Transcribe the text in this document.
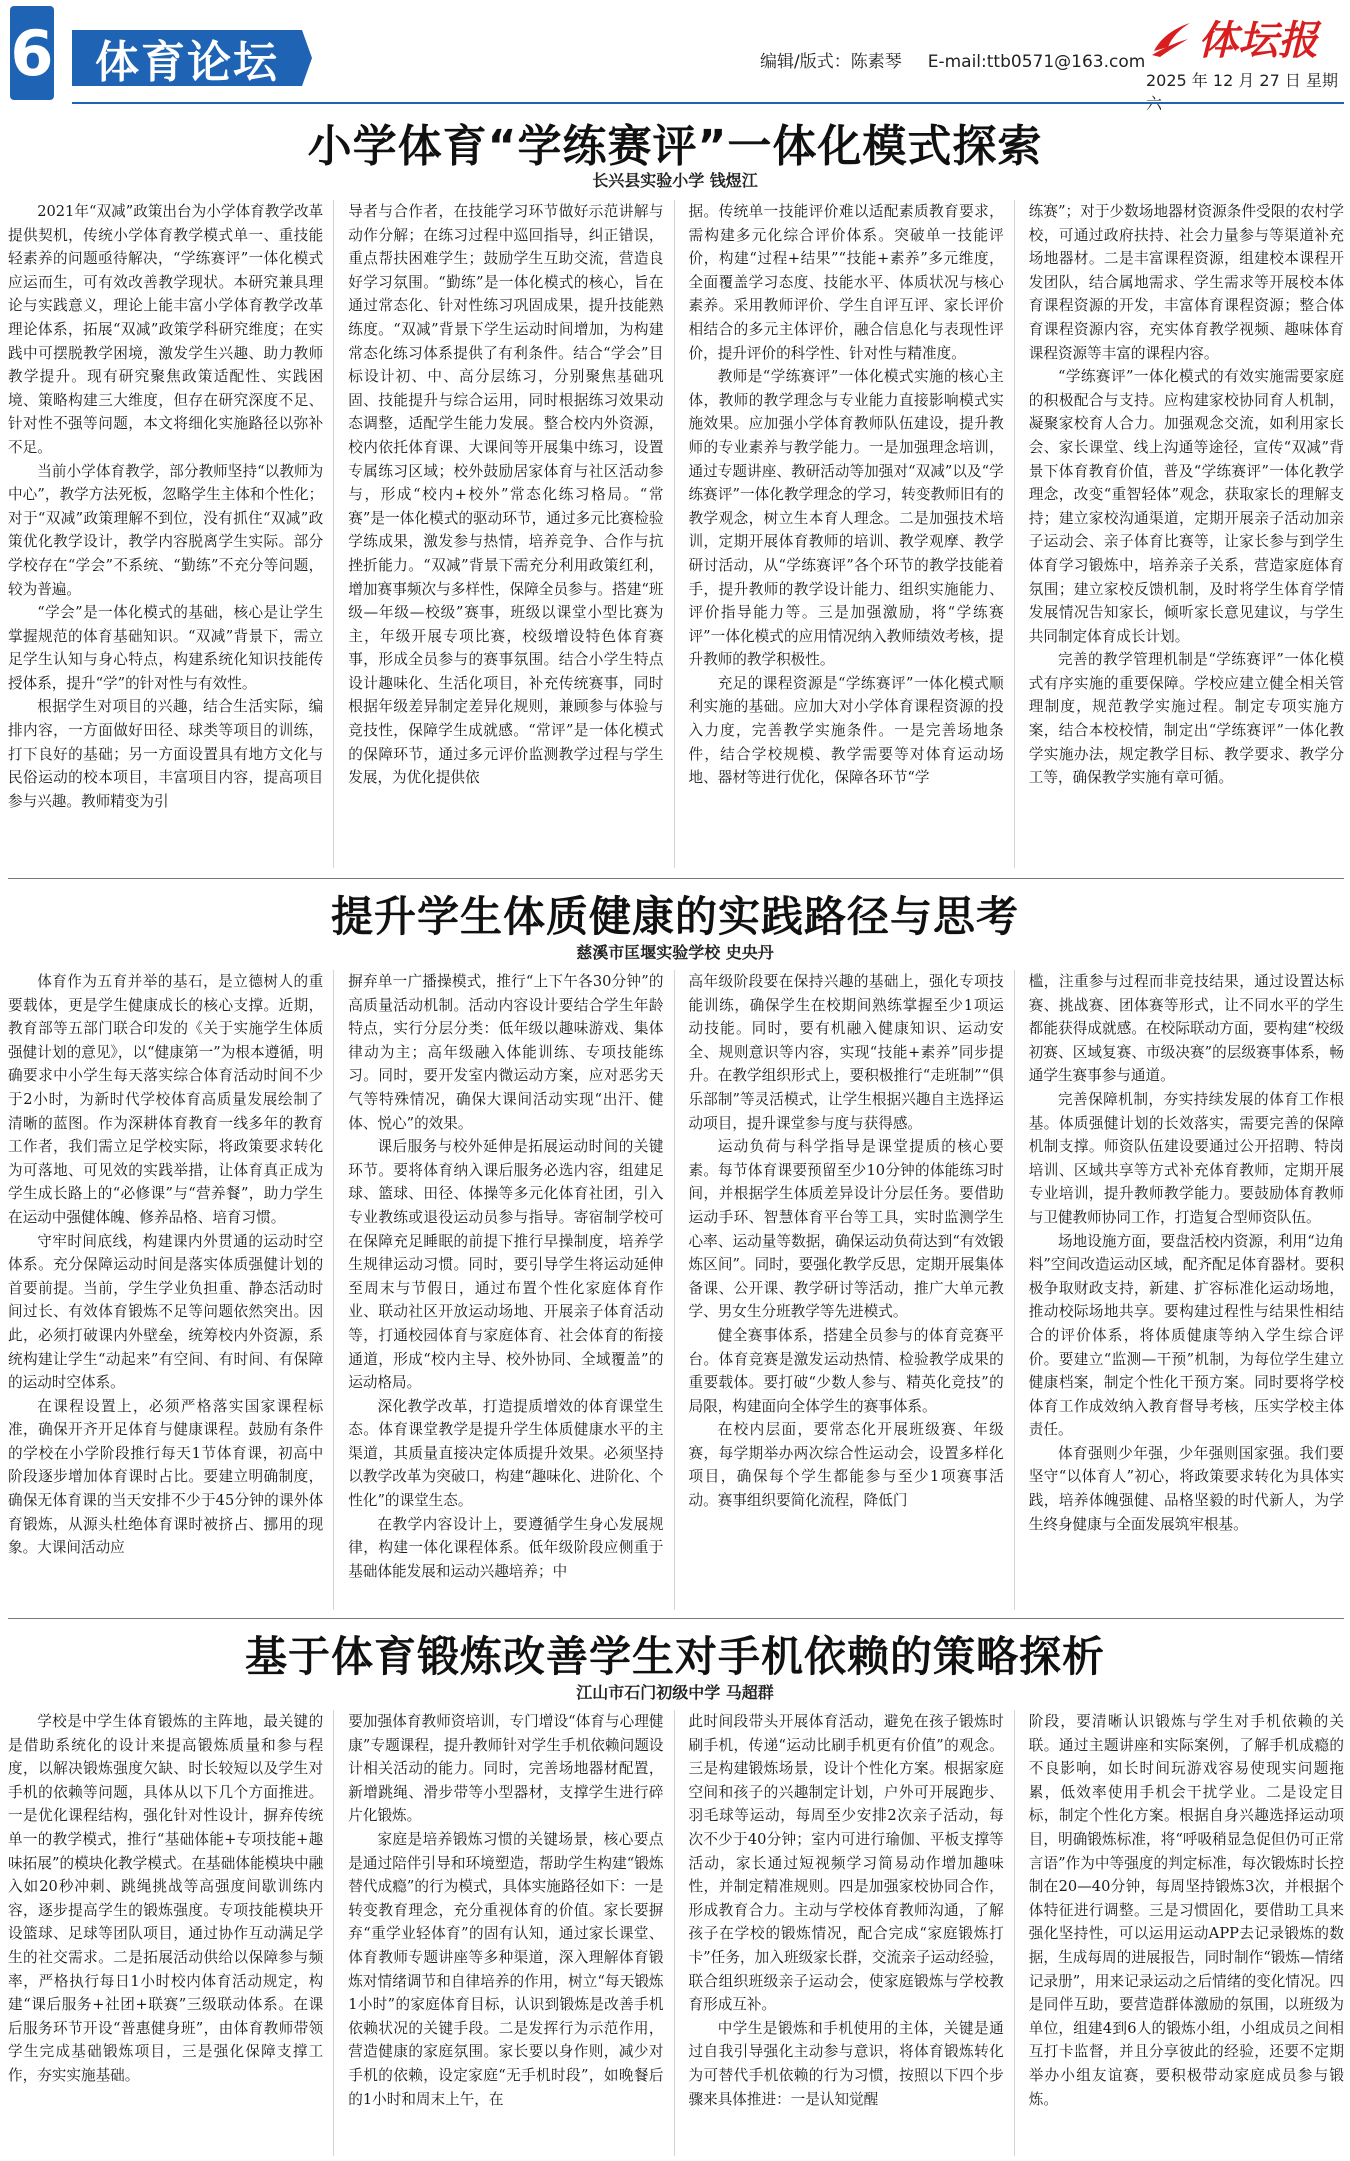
6 体育论坛	编辑/版式：陈素琴 E-mail:ttb0571@163.com 体坛报
2025 年 12 月 27 日 星期
小学体育“学练赛评”一体化模式探索
长兴县实验小学 钱煜江

2021年“双减”政策出台为小学体育教学改革提供契机，传统小学体育教学模式单一、重技能轻素养的问题亟待解决，“学练赛评”一体化模式应运而生，可有效改善教学现状。本研究兼具理论与实践意义，理论上能丰富小学体育教学改革理论体系，拓展“双减”政策学科研究维度；在实践中可摆脱教学困境，激发学生兴趣、助力教师教学提升。现有研究聚焦政策适配性、实践困境、策略构建三大维度，但存在研究深度不足、针对性不强等问题，本文将细化实施路径以弥补不足。

当前小学体育教学，部分教师坚持“以教师为中心”，教学方法死板，忽略学生主体和个性化；对于“双减”政策理解不到位，没有抓住“双减”政策优化教学设计，教学内容脱离学生实际。部分学校存在“学会”不系统、“勤练”不充分等问题，较为普遍。

“学会”是一体化模式的基础，核心是让学生掌握规范的体育基础知识。“双减”背景下，需立足学生认知与身心特点，构建系统化知识技能传授体系，提升“学”的针对性与有效性。

根据学生对项目的兴趣，结合生活实际，编排内容，一方面做好田径、球类等项目的训练，打下良好的基础；另一方面设置具有地方文化与民俗运动的校本项目，丰富项目内容，提高项目参与兴趣。教师精变为引

导者与合作者，在技能学习环节做好示范讲解与动作分解；在练习过程中巡回指导，纠正错误，重点帮扶困难学生；鼓励学生互助交流，营造良好学习氛围。“勤练”是一体化模式的核心，旨在通过常态化、针对性练习巩固成果，提升技能熟练度。“双减”背景下学生运动时间增加，为构建常态化练习体系提供了有利条件。结合“学会”目标设计初、中、高分层练习，分别聚焦基础巩固、技能提升与综合运用，同时根据练习效果动态调整，适配学生能力发展。整合校内外资源，校内依托体育课、大课间等开展集中练习，设置专属练习区域；校外鼓励居家体育与社区活动参与，形成“校内+校外”常态化练习格局。“常赛”是一体化模式的驱动环节，通过多元比赛检验学练成果，激发参与热情，培养竞争、合作与抗挫折能力。“双减”背景下需充分利用政策红利，增加赛事频次与多样性，保障全员参与。搭建“班级—年级—校级”赛事，班级以课堂小型比赛为主，年级开展专项比赛，校级增设特色体育赛事，形成全员参与的赛事氛围。结合小学生特点设计趣味化、生活化项目，补充传统赛事，同时根据年级差异制定差异化规则，兼顾参与体验与竞技性，保障学生成就感。“常评”是一体化模式的保障环节，通过多元评价监测教学过程与学生发展，为优化提供依

据。传统单一技能评价难以适配素质教育要求，需构建多元化综合评价体系。突破单一技能评价，构建“过程+结果”“技能+素养”多元维度，全面覆盖学习态度、技能水平、体质状况与核心素养。采用教师评价、学生自评互评、家长评价相结合的多元主体评价，融合信息化与表现性评价，提升评价的科学性、针对性与精准度。

教师是“学练赛评”一体化模式实施的核心主体，教师的教学理念与专业能力直接影响模式实施效果。应加强小学体育教师队伍建设，提升教师的专业素养与教学能力。一是加强理念培训，通过专题讲座、教研活动等加强对“双减”以及“学练赛评”一体化教学理念的学习，转变教师旧有的教学观念，树立生本育人理念。二是加强技术培训，定期开展体育教师的培训、教学观摩、教学研讨活动，从“学练赛评”各个环节的教学技能着手，提升教师的教学设计能力、组织实施能力、评价指导能力等。三是加强激励，将“学练赛评”一体化模式的应用情况纳入教师绩效考核，提升教师的教学积极性。

充足的课程资源是“学练赛评”一体化模式顺利实施的基础。应加大对小学体育课程资源的投入力度，完善教学实施条件。一是完善场地条件，结合学校规模、教学需要等对体育运动场地、器材等进行优化，保障各环节“学

练赛”；对于少数场地器材资源条件受限的农村学校，可通过政府扶持、社会力量参与等渠道补充场地器材。二是丰富课程资源，组建校本课程开发团队，结合属地需求、学生需求等开展校本体育课程资源的开发，丰富体育课程资源；整合体育课程资源内容，充实体育教学视频、趣味体育课程资源等丰富的课程内容。

“学练赛评”一体化模式的有效实施需要家庭的积极配合与支持。应构建家校协同育人机制，凝聚家校育人合力。加强观念交流，如利用家长会、家长课堂、线上沟通等途径，宣传“双减”背景下体育教育价值，普及“学练赛评”一体化教学理念，改变“重智轻体”观念，获取家长的理解支持；建立家校沟通渠道，定期开展亲子活动加亲子运动会、亲子体育比赛等，让家长参与到学生体育学习锻炼中，培养亲子关系，营造家庭体育氛围；建立家校反馈机制，及时将学生体育学情发展情况告知家长，倾听家长意见建议，与学生共同制定体育成长计划。

完善的教学管理机制是“学练赛评”一体化模式有序实施的重要保障。学校应建立健全相关管理制度，规范教学实施过程。制定专项实施方案，结合本校校情，制定出“学练赛评”一体化教学实施办法，规定教学目标、教学要求、教学分工等，确保教学实施有章可循。

提升学生体质健康的实践路径与思考
慈溪市匡堰实验学校 史央丹

体育作为五育并举的基石，是立德树人的重要载体，更是学生健康成长的核心支撑。近期，教育部等五部门联合印发的《关于实施学生体质强健计划的意见》，以“健康第一”为根本遵循，明确要求中小学生每天落实综合体育活动时间不少于2小时，为新时代学校体育高质量发展绘制了清晰的蓝图。作为深耕体育教育一线多年的教育工作者，我们需立足学校实际，将政策要求转化为可落地、可见效的实践举措，让体育真正成为学生成长路上的“必修课”与“营养餐”，助力学生在运动中强健体魄、修养品格、培育习惯。

守牢时间底线，构建课内外贯通的运动时空体系。充分保障运动时间是落实体质强健计划的首要前提。当前，学生学业负担重、静态活动时间过长、有效体育锻炼不足等问题依然突出。因此，必须打破课内外壁垒，统筹校内外资源，系统构建让学生“动起来”有空间、有时间、有保障的运动时空体系。

在课程设置上，必须严格落实国家课程标准，确保开齐开足体育与健康课程。鼓励有条件的学校在小学阶段推行每天1节体育课，初高中阶段逐步增加体育课时占比。要建立明确制度，确保无体育课的当天安排不少于45分钟的课外体育锻炼，从源头杜绝体育课时被挤占、挪用的现象。大课间活动应

摒弃单一广播操模式，推行“上下午各30分钟”的高质量活动机制。活动内容设计要结合学生年龄特点，实行分层分类：低年级以趣味游戏、集体律动为主；高年级融入体能训练、专项技能练习。同时，要开发室内微运动方案，应对恶劣天气等特殊情况，确保大课间活动实现“出汗、健体、悦心”的效果。

课后服务与校外延伸是拓展运动时间的关键环节。要将体育纳入课后服务必选内容，组建足球、篮球、田径、体操等多元化体育社团，引入专业教练或退役运动员参与指导。寄宿制学校可在保障充足睡眠的前提下推行早操制度，培养学生规律运动习惯。同时，要引导学生将运动延伸至周末与节假日，通过布置个性化家庭体育作业、联动社区开放运动场地、开展亲子体育活动等，打通校园体育与家庭体育、社会体育的衔接通道，形成“校内主导、校外协同、全域覆盖”的运动格局。

深化教学改革，打造提质增效的体育课堂生态。体育课堂教学是提升学生体质健康水平的主渠道，其质量直接决定体质提升效果。必须坚持以教学改革为突破口，构建“趣味化、进阶化、个性化”的课堂生态。

在教学内容设计上，要遵循学生身心发展规律，构建一体化课程体系。低年级阶段应侧重于基础体能发展和运动兴趣培养；中

高年级阶段要在保持兴趣的基础上，强化专项技能训练，确保学生在校期间熟练掌握至少1项运动技能。同时，要有机融入健康知识、运动安全、规则意识等内容，实现“技能+素养”同步提升。在教学组织形式上，要积极推行“走班制”“俱乐部制”等灵活模式，让学生根据兴趣自主选择运动项目，提升课堂参与度与获得感。

运动负荷与科学指导是课堂提质的核心要素。每节体育课要预留至少10分钟的体能练习时间，并根据学生体质差异设计分层任务。要借助运动手环、智慧体育平台等工具，实时监测学生心率、运动量等数据，确保运动负荷达到“有效锻炼区间”。同时，要强化教学反思，定期开展集体备课、公开课、教学研讨等活动，推广大单元教学、男女生分班教学等先进模式。

健全赛事体系，搭建全员参与的体育竞赛平台。体育竞赛是激发运动热情、检验教学成果的重要载体。要打破“少数人参与、精英化竞技”的局限，构建面向全体学生的赛事体系。

在校内层面，要常态化开展班级赛、年级赛，每学期举办两次综合性运动会，设置多样化项目，确保每个学生都能参与至少1项赛事活动。赛事组织要简化流程，降低门

槛，注重参与过程而非竞技结果，通过设置达标赛、挑战赛、团体赛等形式，让不同水平的学生都能获得成就感。在校际联动方面，要构建“校级初赛、区域复赛、市级决赛”的层级赛事体系，畅通学生赛事参与通道。

完善保障机制，夯实持续发展的体育工作根基。体质强健计划的长效落实，需要完善的保障机制支撑。师资队伍建设要通过公开招聘、特岗培训、区域共享等方式补充体育教师，定期开展专业培训，提升教师教学能力。要鼓励体育教师与卫健教师协同工作，打造复合型师资队伍。

场地设施方面，要盘活校内资源，利用“边角料”空间改造运动区域，配齐配足体育器材。要积极争取财政支持，新建、扩容标准化运动场地，推动校际场地共享。要构建过程性与结果性相结合的评价体系，将体质健康等纳入学生综合评价。要建立“监测—干预”机制，为每位学生建立健康档案，制定个性化干预方案。同时要将学校体育工作成效纳入教育督导考核，压实学校主体责任。

体育强则少年强，少年强则国家强。我们要坚守“以体育人”初心，将政策要求转化为具体实践，培养体魄强健、品格坚毅的时代新人，为学生终身健康与全面发展筑牢根基。

基于体育锻炼改善学生对手机依赖的策略探析
江山市石门初级中学 马超群

学校是中学生体育锻炼的主阵地，最关键的是借助系统化的设计来提高锻炼质量和参与程度，以解决锻炼强度欠缺、时长较短以及学生对手机的依赖等问题，具体从以下几个方面推进。一是优化课程结构，强化针对性设计，摒弃传统单一的教学模式，推行“基础体能+专项技能+趣味拓展”的模块化教学模式。在基础体能模块中融入如20秒冲刺、跳绳挑战等高强度间歇训练内容，逐步提高学生的锻炼强度。专项技能模块开设篮球、足球等团队项目，通过协作互动满足学生的社交需求。二是拓展活动供给以保障参与频率，严格执行每日1小时校内体育活动规定，构建“课后服务+社团+联赛”三级联动体系。在课后服务环节开设“普惠健身班”，由体育教师带领学生完成基础锻炼项目，三是强化保障支撑工作，夯实实施基础。

要加强体育教师资培训，专门增设“体育与心理健康”专题课程，提升教师针对学生手机依赖问题设计相关活动的能力。同时，完善场地器材配置，新增跳绳、滑步带等小型器材，支撑学生进行碎片化锻炼。

家庭是培养锻炼习惯的关键场景，核心要点是通过陪伴引导和环境塑造，帮助学生构建“锻炼替代成瘾”的行为模式，具体实施路径如下：一是转变教育理念，充分重视体育的价值。家长要摒弃“重学业轻体育”的固有认知，通过家长课堂、体育教师专题讲座等多种渠道，深入理解体育锻炼对情绪调节和自律培养的作用，树立“每天锻炼1小时”的家庭体育目标，认识到锻炼是改善手机依赖状况的关键手段。二是发挥行为示范作用，营造健康的家庭氛围。家长要以身作则，减少对手机的依赖，设定家庭“无手机时段”，如晚餐后的1小时和周末上午，在

此时间段带头开展体育活动，避免在孩子锻炼时刷手机，传递“运动比刷手机更有价值”的观念。三是构建锻炼场景，设计个性化方案。根据家庭空间和孩子的兴趣制定计划，户外可开展跑步、羽毛球等运动，每周至少安排2次亲子活动，每次不少于40分钟；室内可进行瑜伽、平板支撑等活动，家长通过短视频学习简易动作增加趣味性，并制定精准规则。四是加强家校协同合作，形成教育合力。主动与学校体育教师沟通，了解孩子在学校的锻炼情况，配合完成“家庭锻炼打卡”任务，加入班级家长群，交流亲子运动经验，联合组织班级亲子运动会，使家庭锻炼与学校教育形成互补。

中学生是锻炼和手机使用的主体，关键是通过自我引导强化主动参与意识，将体育锻炼转化为可替代手机依赖的行为习惯，按照以下四个步骤来具体推进：一是认知觉醒

阶段，要清晰认识锻炼与学生对手机依赖的关联。通过主题讲座和实际案例，了解手机成瘾的不良影响，如长时间玩游戏容易使现实问题拖累，低效率使用手机会干扰学业。二是设定目标，制定个性化方案。根据自身兴趣选择运动项目，明确锻炼标准，将“呼吸稍显急促但仍可正常言语”作为中等强度的判定标准，每次锻炼时长控制在20—40分钟，每周坚持锻炼3次，并根据个体特征进行调整。三是习惯固化，要借助工具来强化坚持性，可以运用运动APP去记录锻炼的数据，生成每周的进展报告，同时制作“锻炼—情绪记录册”，用来记录运动之后情绪的变化情况。四是同伴互助，要营造群体激励的氛围，以班级为单位，组建4到6人的锻炼小组，小组成员之间相互打卡监督，并且分享彼此的经验，还要不定期举办小组友谊赛，要积极带动家庭成员参与锻炼。
